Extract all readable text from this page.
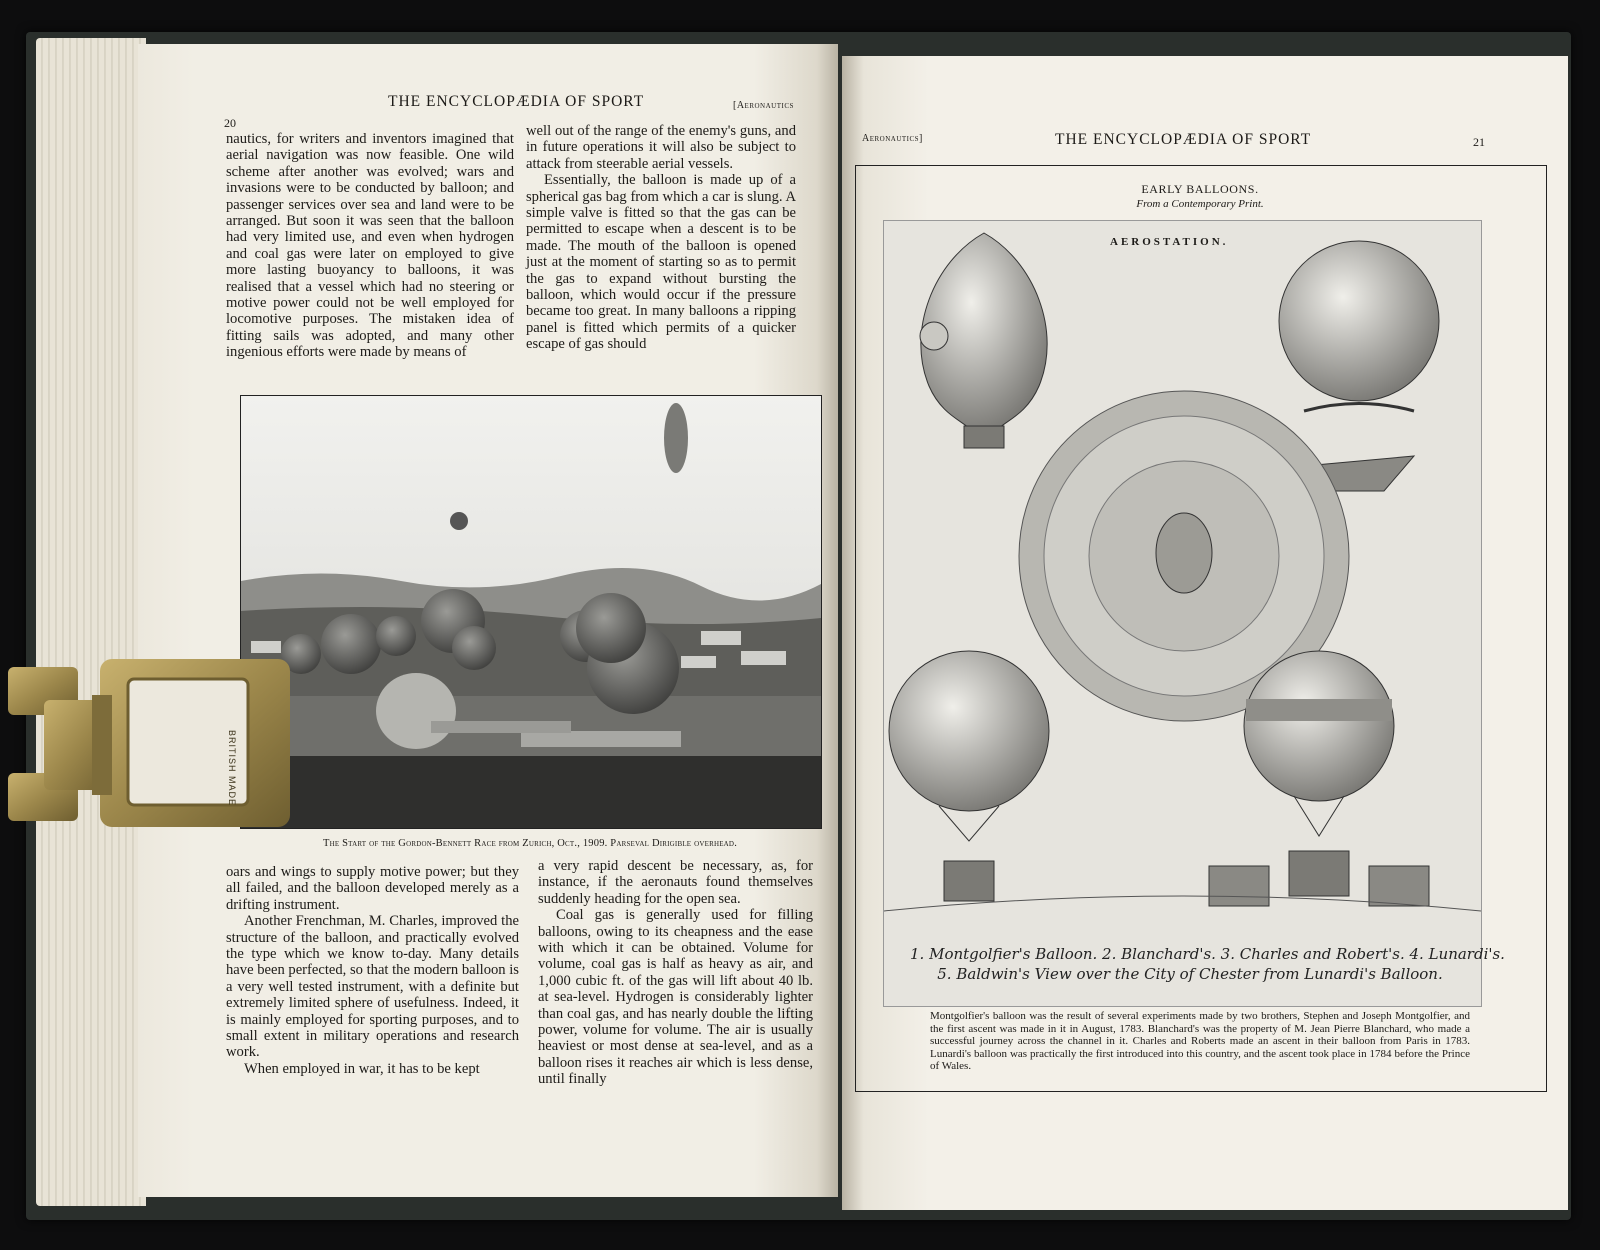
THE ENCYCLOPÆDIA OF SPORT	[Aeronautics
20

nautics, for writers and inventors imagined that aerial navigation was now feasible. One wild scheme after another was evolved; wars and invasions were to be conducted by balloon; and passenger services over sea and land were to be arranged. But soon it was seen that the balloon had very limited use, and even when hydrogen and coal gas were later on employed to give more lasting buoyancy to balloons, it was realised that a vessel which had no steering or motive power could not be well employed for locomotive purposes. The mistaken idea of fitting sails was adopted, and many other ingenious efforts were made by means of

well out of the range of the enemy's guns, and in future operations it will also be subject to attack from steerable aerial vessels.

Essentially, the balloon is made up of a spherical gas bag from which a car is slung. A simple valve is fitted so that the gas can be permitted to escape when a descent is to be made. The mouth of the balloon is opened just at the moment of starting so as to permit the gas to expand without bursting the balloon, which would occur if the pressure became too great. In many balloons a ripping panel is fitted which permits of a quicker escape of gas should

The Start of the Gordon-Bennett Race from Zurich, Oct., 1909. Parseval Dirigible overhead.

oars and wings to supply motive power; but they all failed, and the balloon developed merely as a drifting instrument.

Another Frenchman, M. Charles, improved the structure of the balloon, and practically evolved the type which we know to-day. Many details have been perfected, so that the modern balloon is a very well tested instrument, with a definite but extremely limited sphere of usefulness. Indeed, it is mainly employed for sporting purposes, and to small extent in military operations and research work.

When employed in war, it has to be kept

a very rapid descent be necessary, as, for instance, if the aeronauts found themselves suddenly heading for the open sea.

Coal gas is generally used for filling balloons, owing to its cheapness and the ease with which it can be obtained. Volume for volume, coal gas is half as heavy as air, and 1,000 cubic ft. of the gas will lift about 40 lb. at sea-level. Hydrogen is considerably lighter than coal gas, and has nearly double the lifting power, volume for volume. The air is usually heaviest or most dense at sea-level, and as a balloon rises it reaches air which is less dense, until finally

BRITISH MADE
Aeronautics]	THE ENCYCLOPÆDIA OF SPORT	21
EARLY BALLOONS.
From a Contemporary Print.
AEROSTATION.
1. Montgolfier's Balloon. 2. Blanchard's. 3. Charles and Robert's. 4. Lunardi's.
5. Baldwin's View over the City of Chester from Lunardi's Balloon.
Montgolfier's balloon was the result of several experiments made by two brothers, Stephen and Joseph Montgolfier, and the first ascent was made in it in August, 1783. Blanchard's was the property of M. Jean Pierre Blanchard, who made a successful journey across the channel in it. Charles and Roberts made an ascent in their balloon from Paris in 1783. Lunardi's balloon was practically the first introduced into this country, and the ascent took place in 1784 before the Prince of Wales.
